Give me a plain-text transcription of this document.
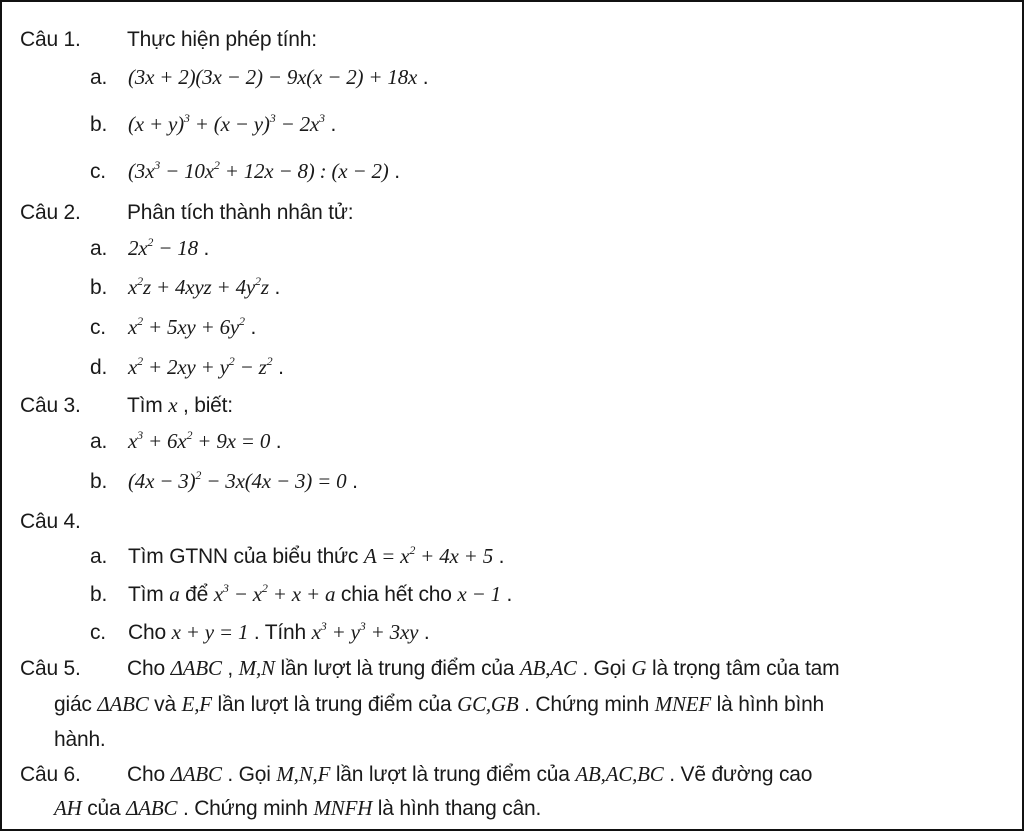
Câu 1. Thực hiện phép tính:
a. (3x + 2)(3x − 2) − 9x(x − 2) + 18x .
b. $(x + y)^3 + (x - y)^3 - 2x^3$ .
c. $(3x^3 - 10x^2 + 12x - 8)$ : (x − 2) .
Câu 2. Phân tích thành nhân tử:
a. $2x^2 - 18$ .
b. $x^2z + 4xyz + 4y^2z$ .
c. $x^2 + 5xy + 6y^2$ .
d. $x^2 + 2xy + y^2 - z^2$ .
Câu 3. Tìm x , biết:
a. $x^3 + 6x^2 + 9x = 0$ .
b. $(4x - 3)^2 - 3x(4x - 3) = 0$ .
Câu 4.
a. Tìm GTNN của biểu thức $A = x^2 + 4x + 5$ .
b. Tìm a để $x^3 - x^2 + x + a$ chia hết cho x − 1 .
c. Cho x + y = 1 . Tính $x^3 + y^3 + 3xy$ .
Câu 5. Cho ΔABC , M,N lần lượt là trung điểm của AB,AC . Gọi G là trọng tâm của tam
giác ΔABC và E,F lần lượt là trung điểm của GC,GB . Chứng minh MNEF là hình bình
hành.
Câu 6. Cho ΔABC . Gọi M,N,F lần lượt là trung điểm của AB,AC,BC . Vẽ đường cao
AH của ΔABC . Chứng minh MNFH là hình thang cân.
